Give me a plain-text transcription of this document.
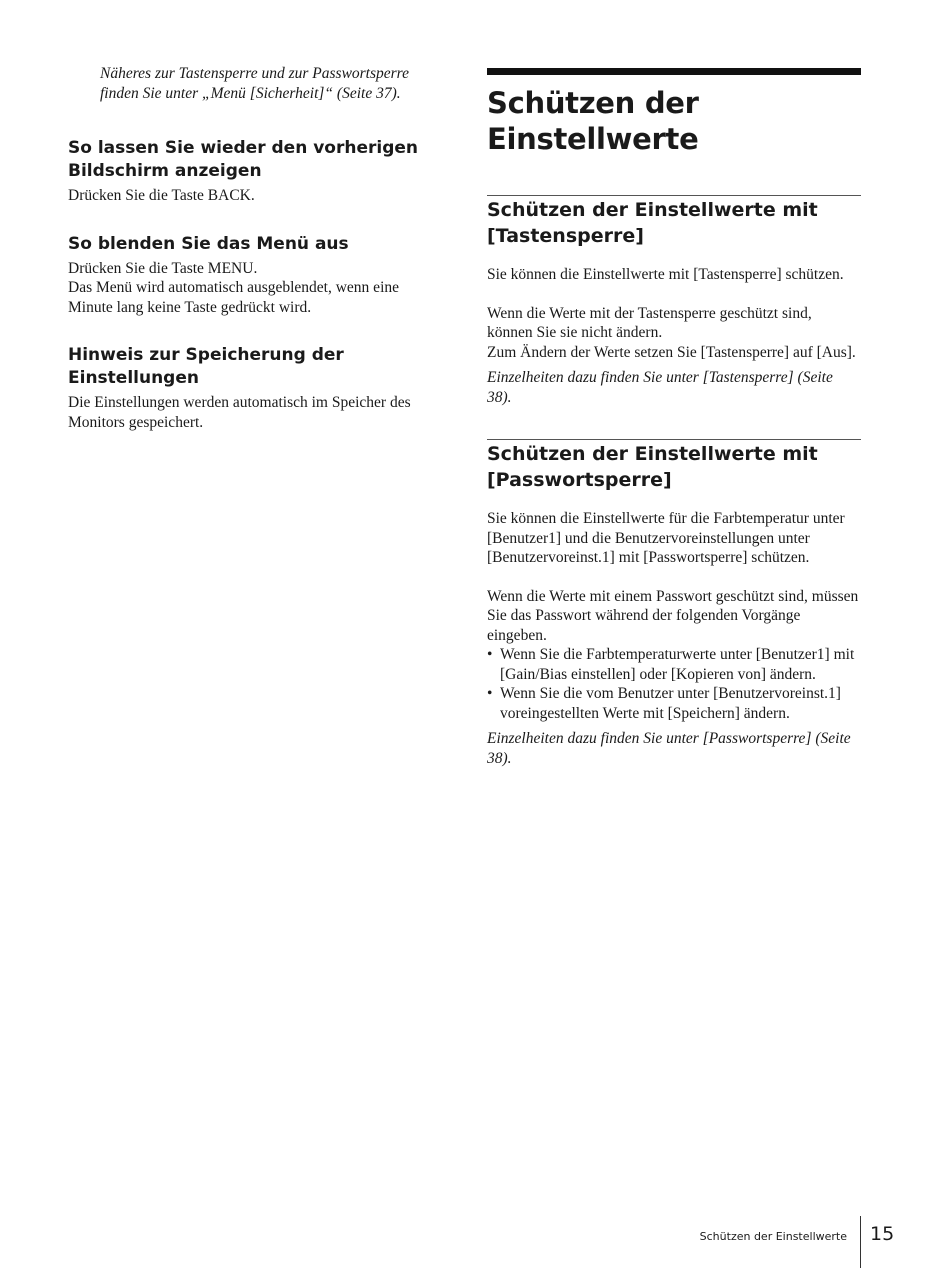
Näheres zur Tastensperre und zur Passwortsperre finden Sie unter „Menü [Sicherheit]“ (Seite 37).

So lassen Sie wieder den vorherigen Bildschirm anzeigen

Drücken Sie die Taste BACK.

So blenden Sie das Menü aus

Drücken Sie die Taste MENU.

Das Menü wird automatisch ausgeblendet, wenn eine Minute lang keine Taste gedrückt wird.

Hinweis zur Speicherung der Einstellungen

Die Einstellungen werden automatisch im Speicher des Monitors gespeichert.

Schützen der Einstellwerte
Schützen der Einstellwerte mit [Tastensperre]

Sie können die Einstellwerte mit [Tastensperre] schützen.

Wenn die Werte mit der Tastensperre geschützt sind, können Sie sie nicht ändern.

Zum Ändern der Werte setzen Sie [Tastensperre] auf [Aus].

Einzelheiten dazu finden Sie unter [Tastensperre] (Seite 38).

Schützen der Einstellwerte mit [Passwortsperre]

Sie können die Einstellwerte für die Farbtemperatur unter [Benutzer1] und die Benutzervoreinstellungen unter [Benutzervoreinst.1] mit [Passwortsperre] schützen.

Wenn die Werte mit einem Passwort geschützt sind, müssen Sie das Passwort während der folgenden Vorgänge eingeben.

• Wenn Sie die Farbtemperaturwerte unter [Benutzer1] mit [Gain/Bias einstellen] oder [Kopieren von] ändern.
• Wenn Sie die vom Benutzer unter [Benutzervoreinst.1] voreingestellten Werte mit [Speichern] ändern.

Einzelheiten dazu finden Sie unter [Passwortsperre] (Seite 38).

Schützen der Einstellwerte 15
